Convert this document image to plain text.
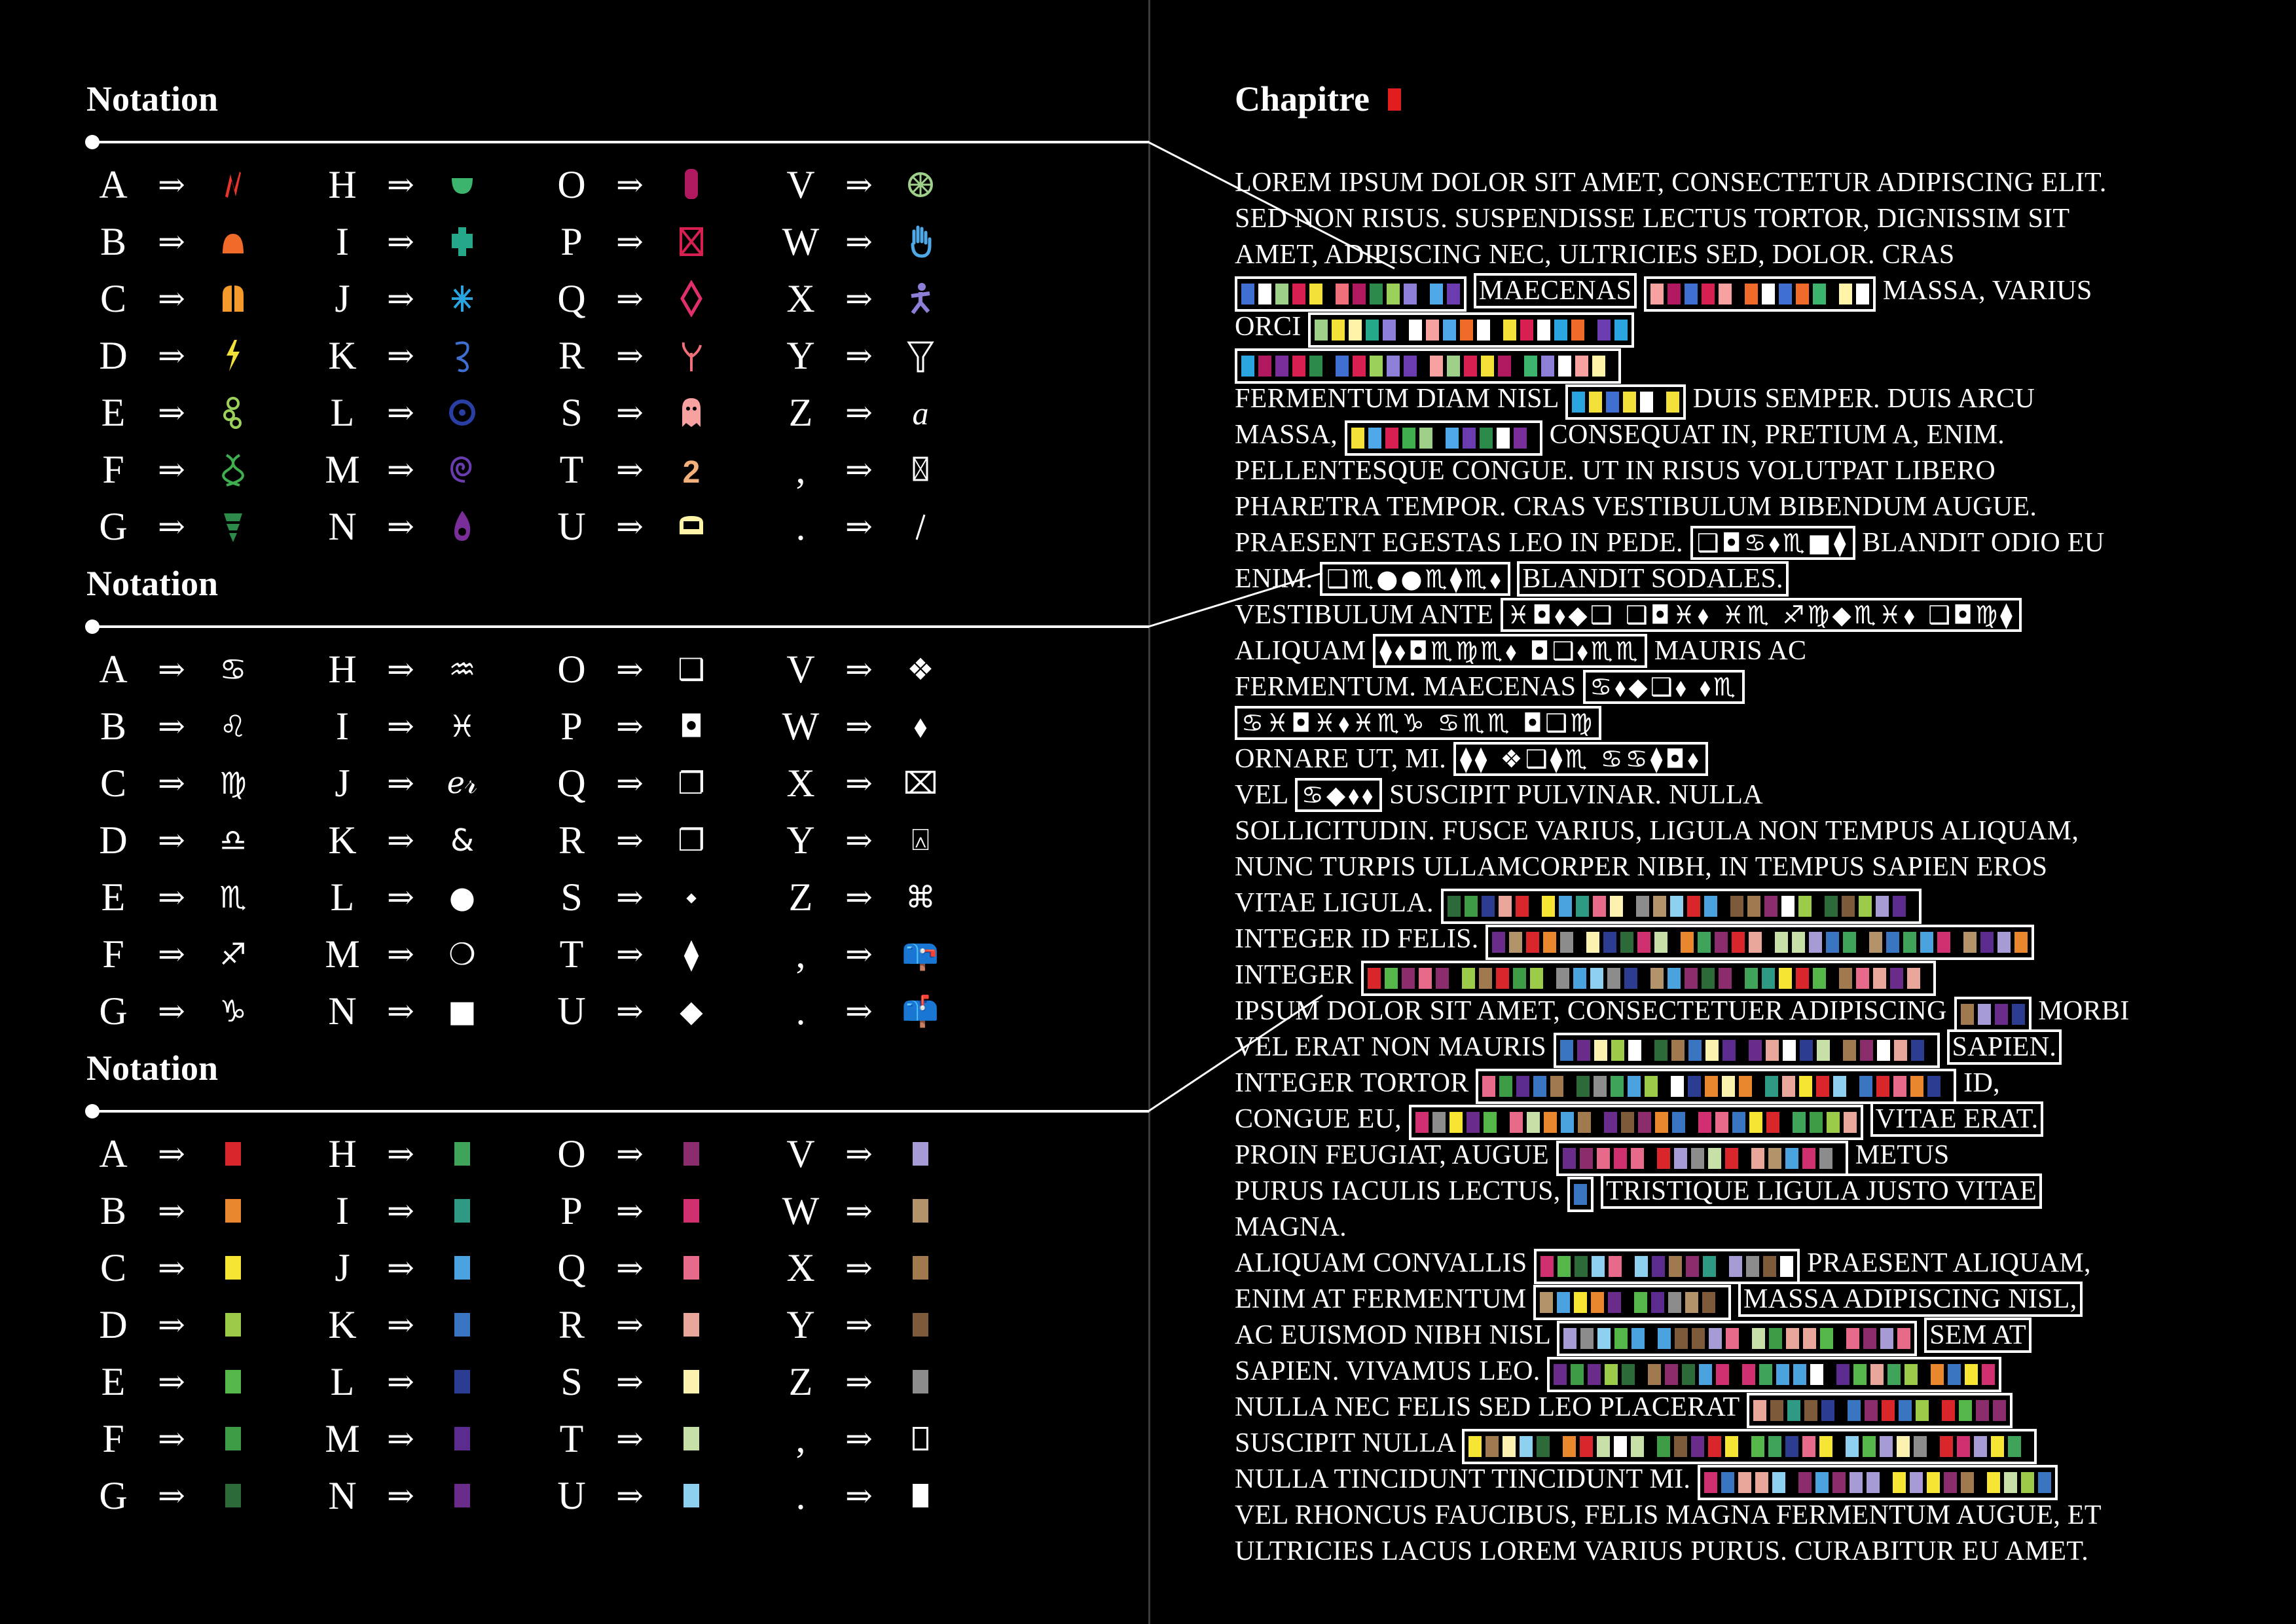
Notation
Notation
Notation
A ⇒	H ⇒	O ⇒	V ⇒
B ⇒	I	⇒	P	⇒	W ⇒
C ⇒	J	⇒	Q ⇒	X ⇒
D ⇒	K ⇒	R ⇒	Y ⇒
E ⇒	L ⇒	S	⇒	Z ⇒	a
F	⇒	M ⇒	T ⇒	2	,	⇒
G ⇒	N ⇒	U ⇒	.	⇒
A ⇒	♋	H ⇒	♒	O ⇒	❑	V ⇒	❖
B ⇒	♌	I	⇒	♓	P	⇒	◘	W ⇒	⬧
C ⇒	♍	J	⇒	ℯ𝓇	Q ⇒	❐	X ⇒	⌧
D ⇒	♎	K ⇒	&	R ⇒	❒	Y ⇒	⍓
E ⇒	♏	L ⇒	●	S	⇒	⬩	Z ⇒	⌘
F	⇒	♐	M ⇒	❍	T ⇒	⧫	,	⇒ 📪
G ⇒	♑	N ⇒	■	U ⇒	◆	.	⇒ 📫
A ⇒	H ⇒	O ⇒	V ⇒
B ⇒	I	⇒	P	⇒	W ⇒
C ⇒	J	⇒	Q ⇒	X ⇒
D ⇒	K ⇒	R ⇒	Y ⇒
E ⇒	L ⇒	S	⇒	Z ⇒
F	⇒	M ⇒	T ⇒	,	⇒
G ⇒	N ⇒	U ⇒	.	⇒
Chapitre
LOREM IPSUM DOLOR SIT AMET, CONSECTETUR ADIPISCING ELIT.
SED NON RISUS. SUSPENDISSE LECTUS TORTOR, DIGNISSIM SIT
AMET, ADIPISCING NEC, ULTRICIES SED, DOLOR. CRAS
MAECENAS	MASSA, VARIUS
ORCI
FERMENTUM DIAM NISL	DUIS SEMPER. DUIS ARCU
MASSA,	CONSEQUAT IN, PRETIUM A, ENIM.
PELLENTESQUE CONGUE. UT IN RISUS VOLUTPAT LIBERO
PHARETRA TEMPOR. CRAS VESTIBULUM BIBENDUM AUGUE.
PRAESENT EGESTAS LEO IN PEDE. ❑◘♋⬧♏■⧫ BLANDIT ODIO EU
ENIM. ❑♏●●♏⧫♏⬧ BLANDIT SODALES.
VESTIBULUM ANTE ♓◘⬧◆❑ ❑◘♓⬧ ♓♏ ♐♍◆♏♓⬧ ❑◘♍⧫
ALIQUAM ⧫⬧◘♏♍♏⬧ ◘❑⬧♏♏ MAURIS AC
FERMENTUM. MAECENAS ♋⬧◆❑⬧ ⬧♏
♋♓◘♓⬧♓♏♑ ♋♏♏ ◘❑♍
ORNARE UT, MI. ⧫⧫ ❖❑⧫♏ ♋♋⧫◘⬧
VEL ♋◆⬧⬧ SUSCIPIT PULVINAR. NULLA
SOLLICITUDIN. FUSCE VARIUS, LIGULA NON TEMPUS ALIQUAM,
NUNC TURPIS ULLAMCORPER NIBH, IN TEMPUS SAPIEN EROS
VITAE LIGULA.
INTEGER ID FELIS.
INTEGER
IPSUM DOLOR SIT AMET, CONSECTETUER ADIPISCING	MORBI
VEL ERAT NON MAURIS	SAPIEN.
INTEGER TORTOR	ID,
CONGUE EU,	VITAE ERAT.
PROIN FEUGIAT, AUGUE	METUS
PURUS IACULIS LECTUS, TRISTIQUE LIGULA JUSTO VITAE
MAGNA.
ALIQUAM CONVALLIS	PRAESENT ALIQUAM,
ENIM AT FERMENTUM	MASSA ADIPISCING NISL,
AC EUISMOD NIBH NISL	SEM AT
SAPIEN. VIVAMUS LEO.
NULLA NEC FELIS SED LEO PLACERAT
SUSCIPIT NULLA
NULLA TINCIDUNT TINCIDUNT MI.
VEL RHONCUS FAUCIBUS, FELIS MAGNA FERMENTUM AUGUE, ET
ULTRICIES LACUS LOREM VARIUS PURUS. CURABITUR EU AMET.
